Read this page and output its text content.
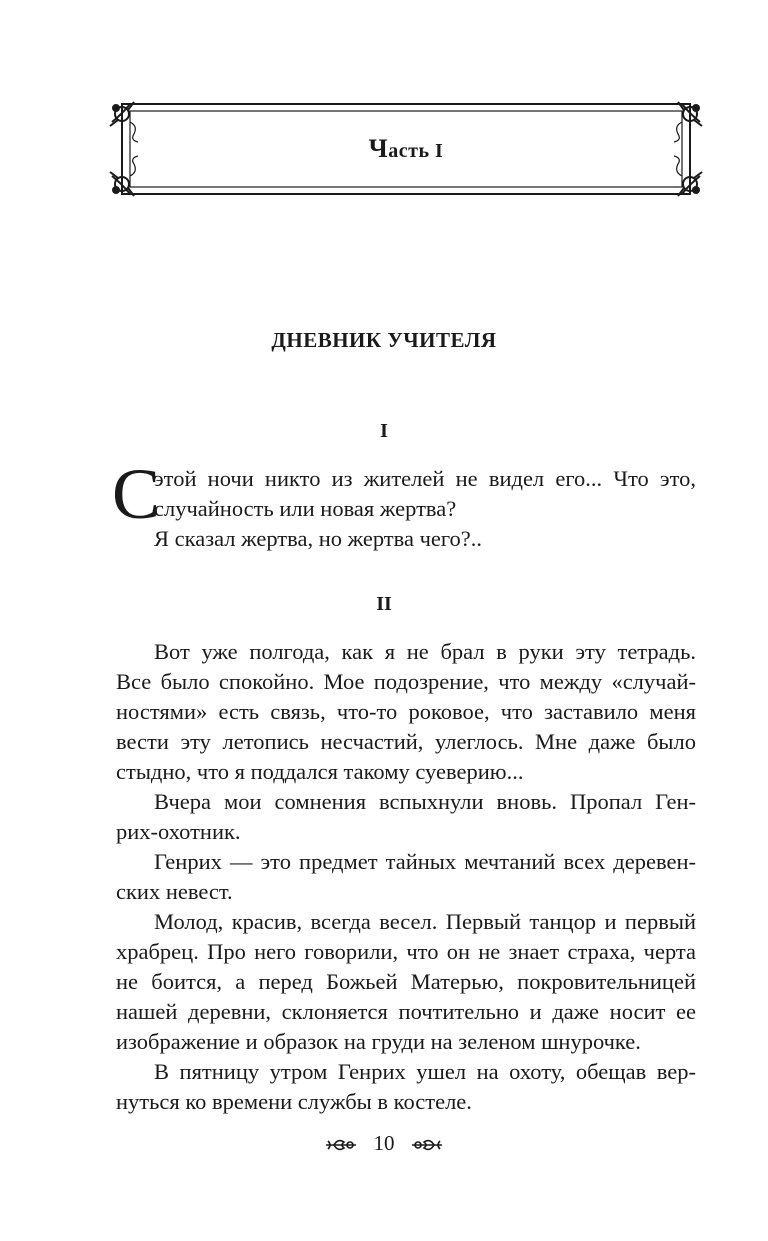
Часть I
ДНЕВНИК УЧИТЕЛЯ
I
С
этой ночи никто из жителей не видел его... Что это,
случайность или новая жертва?
Я сказал жертва, но жертва чего?..
II

Вот уже полгода, как я не брал в руки эту тетрадь.

Все было спокойно. Мое подозрение, что между «случай-
ностями» есть связь, что-то роковое, что заставило меня
вести эту летопись несчастий, улеглось. Мне даже было
стыдно, что я поддался такому суеверию...

Вчера мои сомнения вспыхнули вновь. Пропал Ген-

рих-охотник.

Генрих — это предмет тайных мечтаний всех деревен-

ских невест.

Молод, красив, всегда весел. Первый танцор и первый

храбрец. Про него говорили, что он не знает страха, черта
не боится, а перед Божьей Матерью, покровительницей
нашей деревни, склоняется почтительно и даже носит ее
изображение и образок на груди на зеленом шнурочке.

В пятницу утром Генрих ушел на охоту, обещав вер-

нуться ко времени службы в костеле.
10
